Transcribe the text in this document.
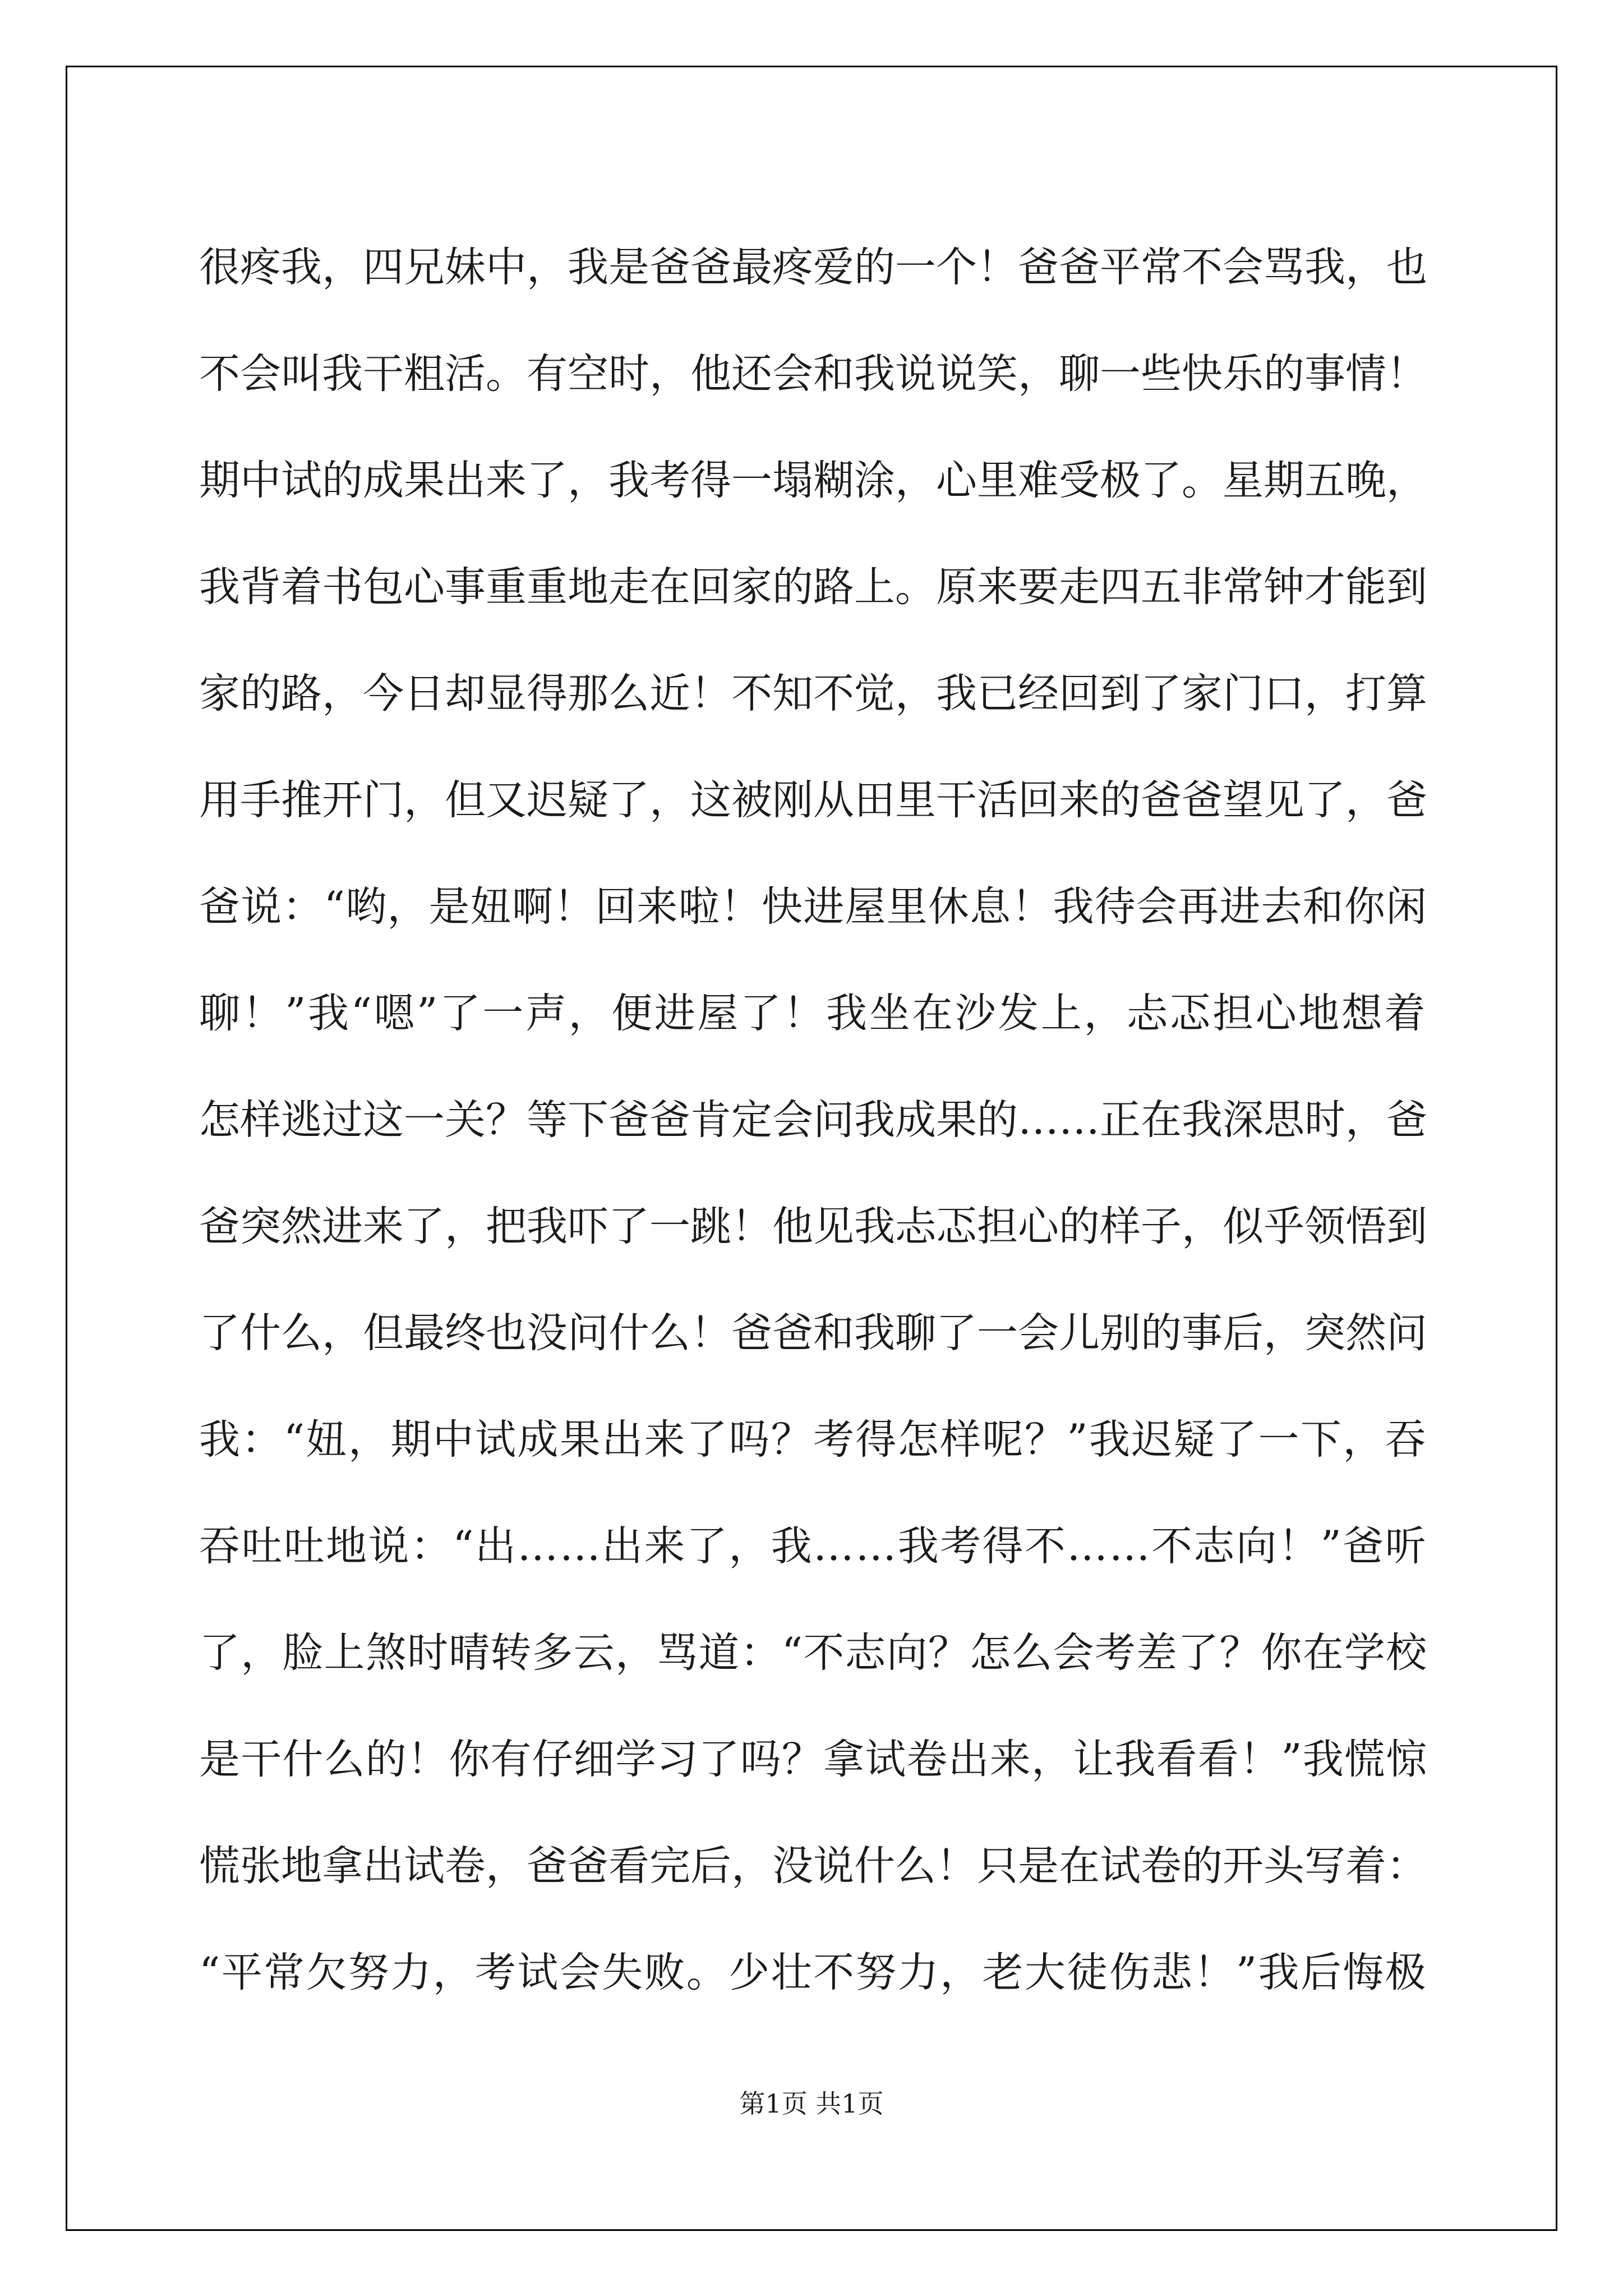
很疼我，四兄妹中，我是爸爸最疼爱的一个！爸爸平常不会骂我，也
不会叫我干粗活。有空时，他还会和我说说笑，聊一些快乐的事情！
期中试的成果出来了，我考得一塌糊涂，心里难受极了。星期五晚，
我背着书包心事重重地走在回家的路上。原来要走四五非常钟才能到
家的路，今日却显得那么近！不知不觉，我已经回到了家门口，打算
用手推开门，但又迟疑了，这被刚从田里干活回来的爸爸望见了，爸
爸说：“哟，是妞啊！回来啦！快进屋里休息！我待会再进去和你闲
聊！”我“嗯”了一声，便进屋了！我坐在沙发上，忐忑担心地想着
怎样逃过这一关？等下爸爸肯定会问我成果的……正在我深思时，爸
爸突然进来了，把我吓了一跳！他见我忐忑担心的样子，似乎领悟到
了什么，但最终也没问什么！爸爸和我聊了一会儿别的事后，突然问
我：“妞，期中试成果出来了吗？考得怎样呢？”我迟疑了一下，吞
吞吐吐地说：“出……出来了，我……我考得不……不志向！”爸听
了，脸上煞时晴转多云，骂道：“不志向？怎么会考差了？你在学校
是干什么的！你有仔细学习了吗？拿试卷出来，让我看看！”我慌惊
慌张地拿出试卷，爸爸看完后，没说什么！只是在试卷的开头写着：
“平常欠努力，考试会失败。少壮不努力，老大徒伤悲！”我后悔极
第1页 共1页
